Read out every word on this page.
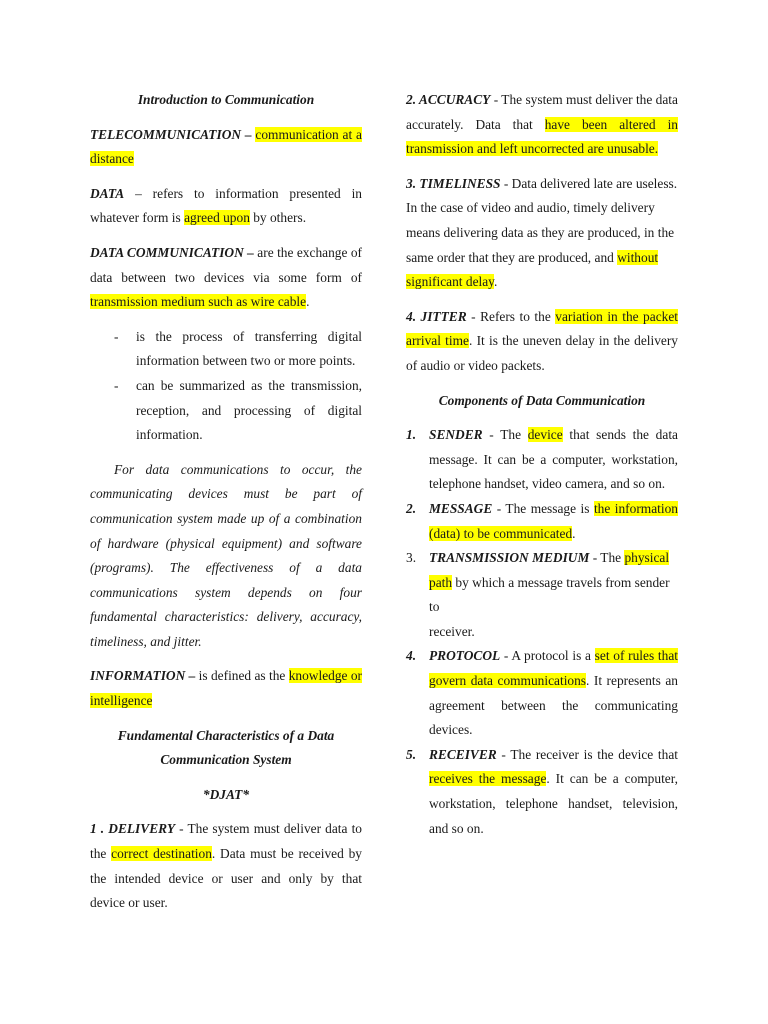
Introduction to Communication

TELECOMMUNICATION – communication at a distance

DATA – refers to information presented in whatever form is agreed upon by others.

DATA COMMUNICATION – are the exchange of data between two devices via some form of transmission medium such as wire cable.

- is the process of transferring digital information between two or more points.
- can be summarized as the transmission, reception, and processing of digital information.

For data communications to occur, the communicating devices must be part of communication system made up of a combination of hardware (physical equipment) and software (programs). The effectiveness of a data communications system depends on four fundamental characteristics: delivery, accuracy, timeliness, and jitter.

INFORMATION – is defined as the knowledge or intelligence

Fundamental Characteristics of a Data Communication System

*DJAT*

1 . DELIVERY - The system must deliver data to the correct destination. Data must be received by the intended device or user and only by that device or user.

2. ACCURACY - The system must deliver the data accurately. Data that have been altered in transmission and left uncorrected are unusable.

3. TIMELINESS - Data delivered late are useless. In the case of video and audio, timely delivery means delivering data as they are produced, in the same order that they are produced, and without significant delay.

4. JITTER - Refers to the variation in the packet arrival time. It is the uneven delay in the delivery of audio or video packets.

Components of Data Communication

1. SENDER - The device that sends the data message. It can be a computer, workstation, telephone handset, video camera, and so on.
2. MESSAGE - The message is the information (data) to be communicated.
3. TRANSMISSION MEDIUM - The physical path by which a message travels from sender to
receiver.
4. PROTOCOL - A protocol is a set of rules that govern data communications. It represents an agreement between the communicating devices.
5. RECEIVER - The receiver is the device that receives the message. It can be a computer, workstation, telephone handset, television, and so on.
